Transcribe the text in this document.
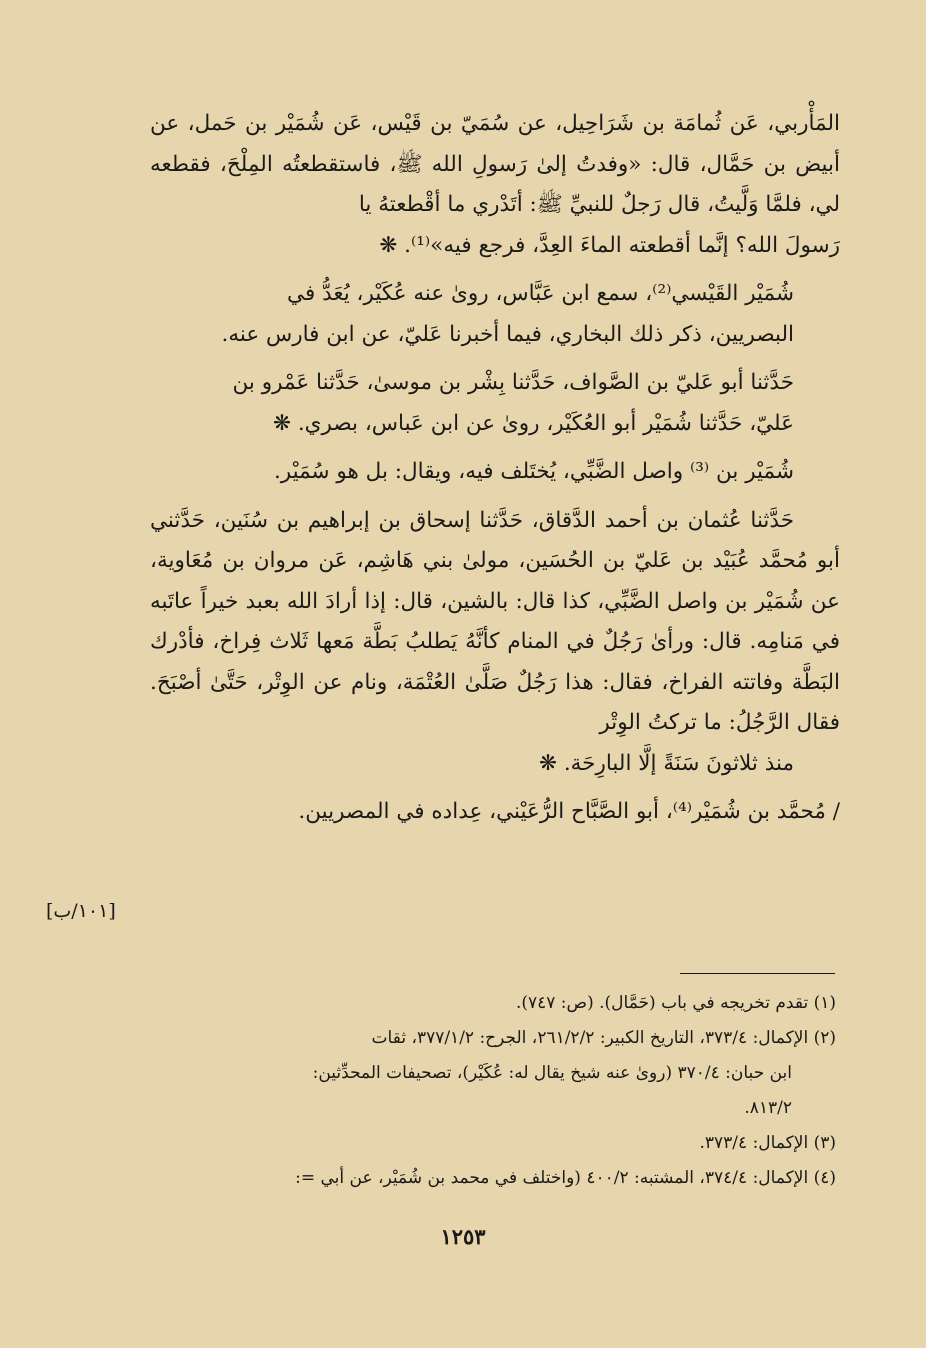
المَأْربي، عَن ثُمامَة بن شَرَاحِيل، عن سُمَيّ بن قَيْس، عَن شُمَيْر بن حَمل، عن أبيض بن حَمَّال، قال: «وفدتُ إلىٰ رَسولِ الله ﷺ، فاستقطعتُه المِلْحَ، فقطعه لي، فلمَّا وَلَّيتُ، قال رَجلٌ للنبيِّ ﷺ: أتَدْري ما أقْطعتهُ يا
رَسولَ الله؟ إنَّما أقطعته الماءَ العِدَّ، فرجع فيه»⁽¹⁾. ❋

شُمَيْر القَيْسي⁽²⁾، سمع ابن عَبَّاس، روىٰ عنه عُكَيْر، يُعَدُّ في
البصريين، ذكر ذلك البخاري، فيما أخبرنا عَليّ، عن ابن فارس عنه.

حَدَّثنا أبو عَليّ بن الصَّواف، حَدَّثنا بِشْر بن موسىٰ، حَدَّثنا عَمْرو بن
عَليّ، حَدَّثنا شُمَيْر أبو العُكَيْر، روىٰ عن ابن عَباس، بصري. ❋

شُمَيْر بن ⁽³⁾ واصل الضَّبِّي، يُختَلف فيه، ويقال: بل هو سُمَيْر.

حَدَّثنا عُثمان بن أحمد الدَّقاق، حَدَّثنا إسحاق بن إبراهيم بن سُنَين، حَدَّثني أبو مُحمَّد عُبَيْد بن عَليّ بن الحُسَين، مولىٰ بني هَاشِم، عَن مروان بن مُعَاوية، عن شُمَيْر بن واصل الضَّبِّي، كذا قال: بالشين، قال: إذا أرادَ الله بعبد خيراً عاتَبه في مَنامِه. قال: ورأىٰ رَجُلٌ في المنام كأنَّهُ يَطلبُ بَطَّة مَعها ثَلاث فِراخ، فأدْرك البَطَّة وفاتته الفراخ، فقال: هذا رَجُلٌ صَلَّىٰ العُتْمَة، ونام عن الوِتْر، حَتَّىٰ أصْبَحَ. فقال الرَّجُلُ: ما تركتُ الوِتْر
منذ ثلاثونَ سَنَةً إلَّا البارِحَة. ❋

/ مُحمَّد بن شُمَيْر⁽⁴⁾، أبو الصَّبَّاح الرُّعَيْني، عِداده في المصريين.

[١٠١/ب]

(١) تقدم تخريجه في باب (حَمَّال). (ص: ٧٤٧).

(٢) الإكمال: ٣٧٣/٤، التاريخ الكبير: ٢٦١/٢/٢، الجرح: ٣٧٧/١/٢، ثقات
ابن حبان: ٣٧٠/٤ (روىٰ عنه شيخ يقال له: عُكَيْر)، تصحيفات المحدِّثين:
٨١٣/٢.

(٣) الإكمال: ٣٧٣/٤.

(٤) الإكمال: ٣٧٤/٤، المشتبه: ٤٠٠/٢ (واختلف في محمد بن شُمَيْر، عن أبي =:

١٢٥٣
